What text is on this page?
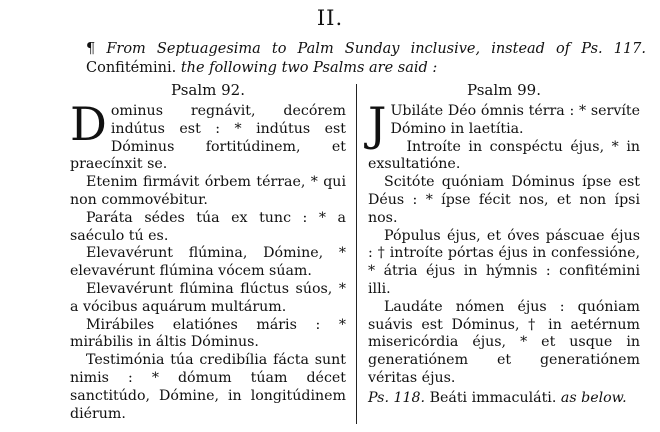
II.

¶ From Septuagesima to Palm Sunday inclusive, instead of Ps. 117. Confitémini. the following two Psalms are said :

Psalm 92.

Dominus regnávit, decórem indútus est : * indútus est Dóminus fortitúdinem, et praecínxit se.

Etenim firmávit órbem térrae, * qui non commovébitur.

Paráta sédes túa ex tunc : * a saéculo tú es.

Elevavérunt flúmina, Dómine, * elevavérunt flúmina vócem súam.

Elevavérunt flúmina flúctus súos, * a vócibus aquárum multárum.

Mirábiles elatiónes máris : * mirábilis in áltis Dóminus.

Testimónia túa credibília fácta sunt nimis : * dómum túam décet sanctitúdo, Dómine, in longitúdinem diérum.

Psalm 99.

J Ubiláte Déo ómnis térra : * servíte Dómino in laetítia.

Introíte in conspéctu éjus, * in exsultatióne.

Scitóte quóniam Dóminus ípse est Déus : * ípse fécit nos, et non ípsi nos.

Pópulus éjus, et óves páscuae éjus : † introíte pórtas éjus in confessióne, * átria éjus in hýmnis : confitémini illi.

Laudáte nómen éjus : quóniam suávis est Dóminus, † in aetérnum misericórdia éjus, * et usque in generatiónem et generatiónem véritas éjus.

Ps. 118. Beáti immaculáti. as below.
